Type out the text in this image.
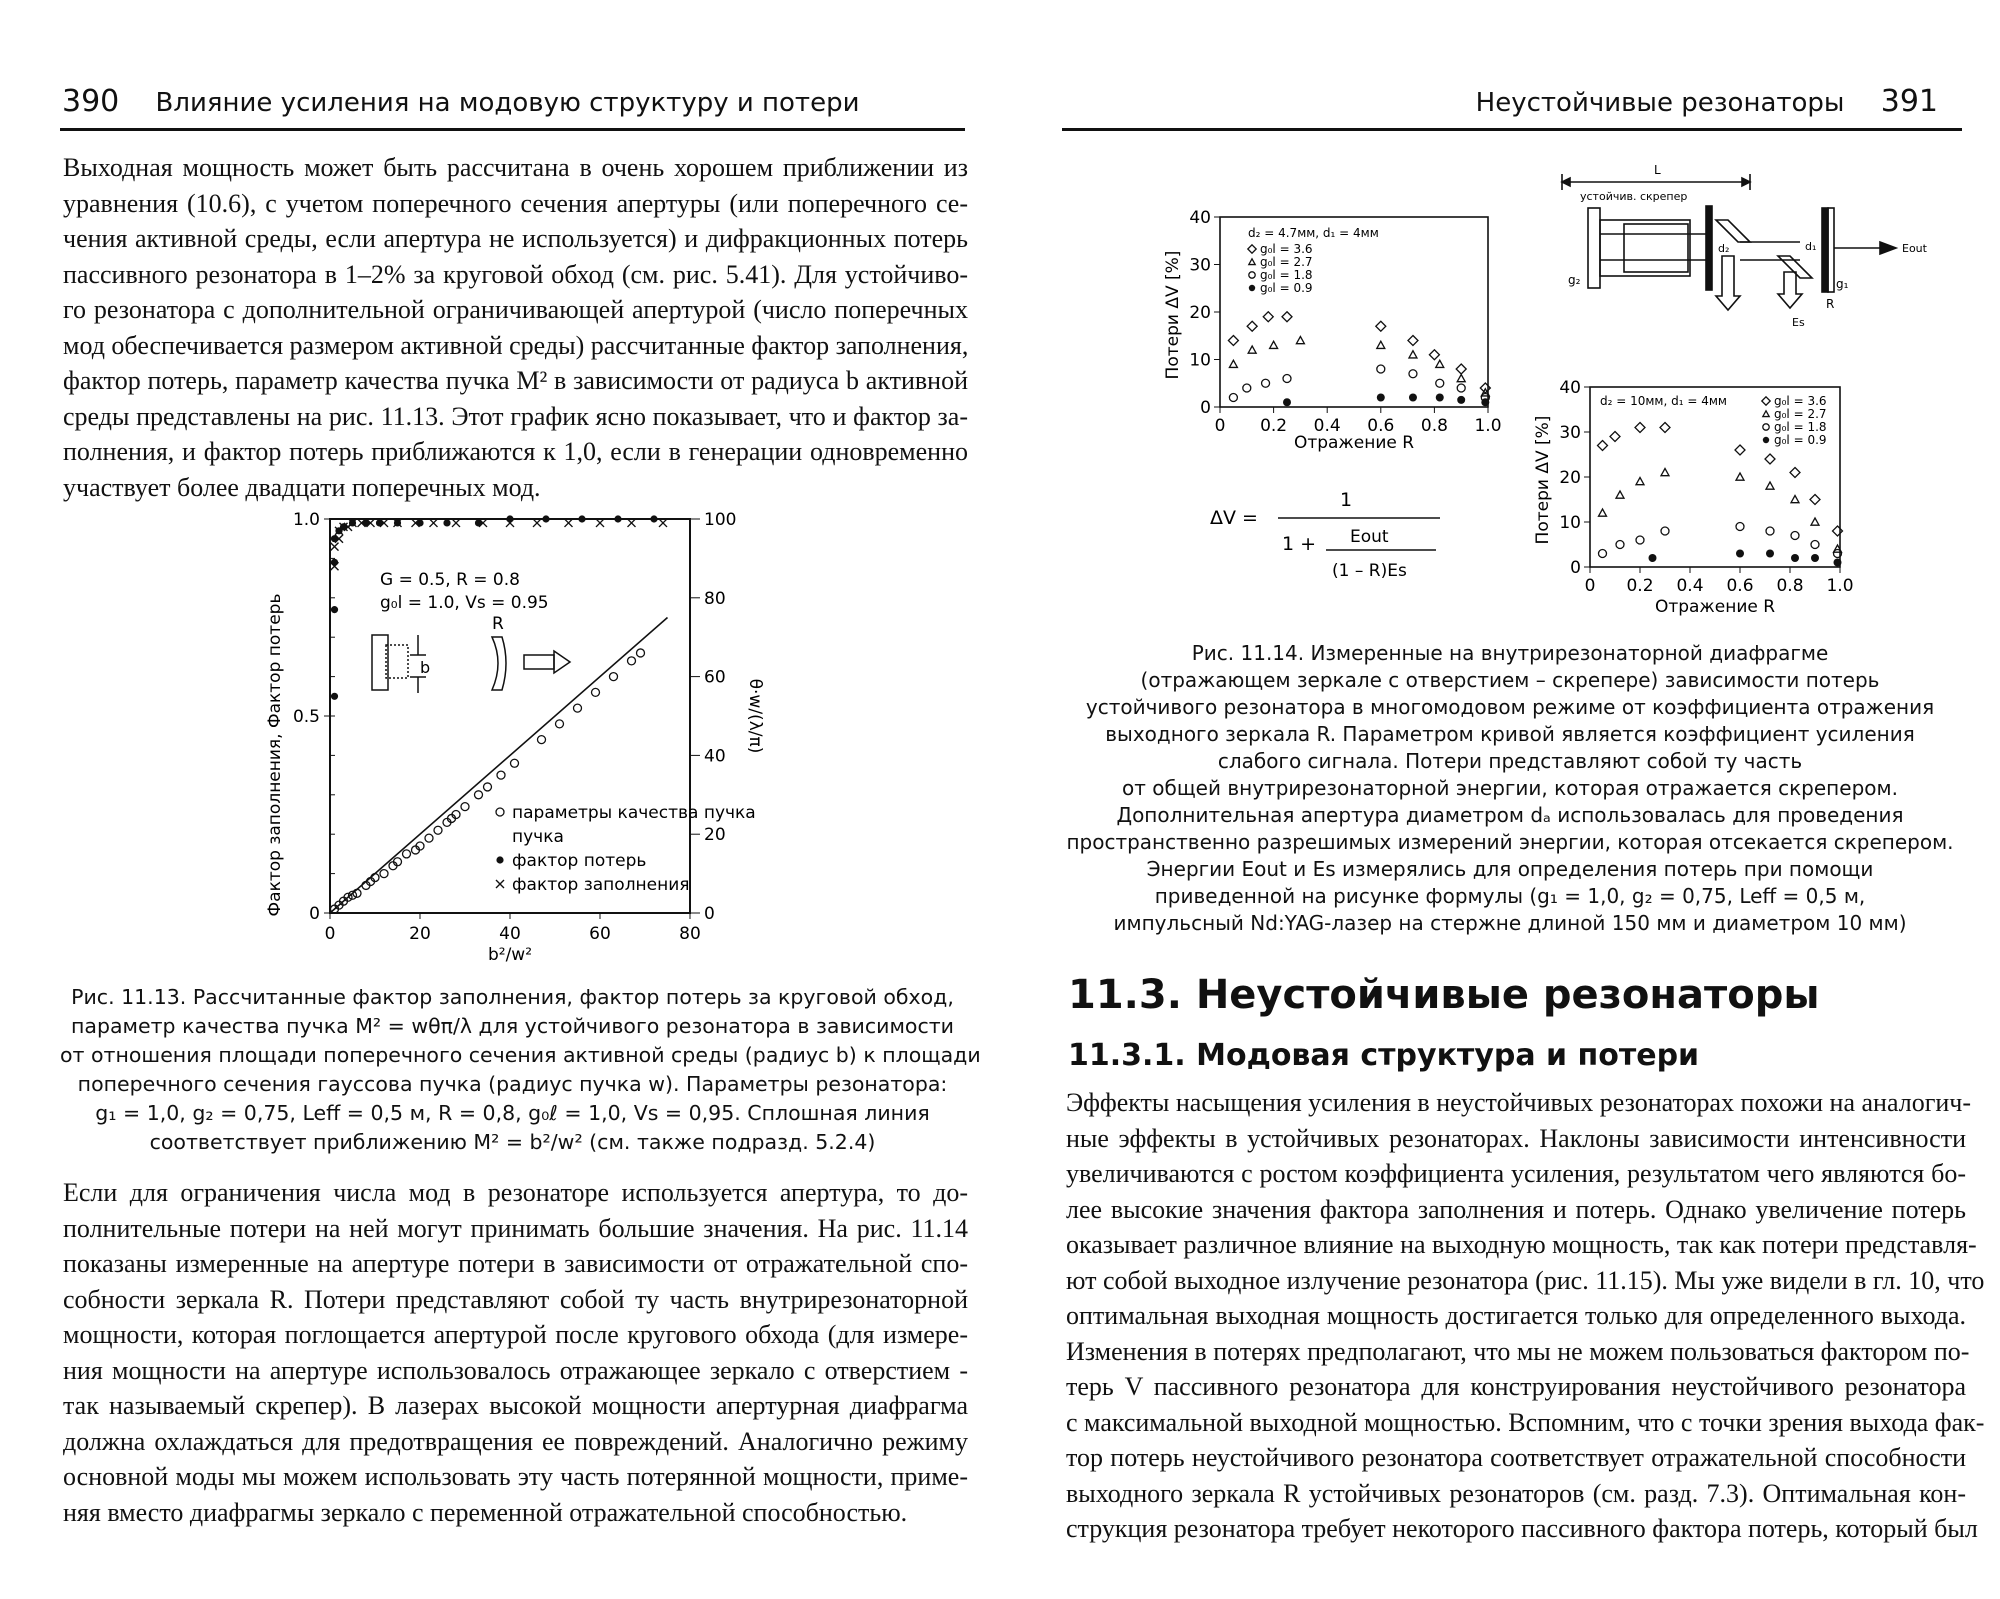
390 Влияние усиления на модовую структуру и потери
Выходная мощность может быть рассчитана в очень хорошем приближении из
уравнения (10.6), с учетом поперечного сечения апертуры (или поперечного се-
чения активной среды, если апертура не используется) и дифракционных потерь
пассивного резонатора в 1–2% за круговой обход (см. рис. 5.41). Для устойчиво-
го резонатора с дополнительной ограничивающей апертурой (число поперечных
мод обеспечивается размером активной среды) рассчитанные фактор заполнения,
фактор потерь, параметр качества пучка M² в зависимости от радиуса b активной
среды представлены на рис. 11.13. Этот график ясно показывает, что и фактор за-
полнения, и фактор потерь приближаются к 1,0, если в генерации одновременно
участвует более двадцати поперечных мод.
0	20	40	60	80
0
0.5
1.0
0
20
40
60
80
100
Фактор заполнения, Фактор потерь	θ·w/(λ/π)
b²/w²
G = 0.5, R = 0.8
g₀l = 1.0, Vs = 0.95
b
R
параметры качества пучка
пучка
фактор потерь
фактор заполнения
Рис. 11.13. Рассчитанные фактор заполнения, фактор потерь за круговой обход,
параметр качества пучка M² = wθπ/λ для устойчивого резонатора в зависимости
от отношения площади поперечного сечения активной среды (радиус b) к площади
поперечного сечения гауссова пучка (радиус пучка w). Параметры резонатора:
g₁ = 1,0, g₂ = 0,75, Leff = 0,5 м, R = 0,8, g₀ℓ = 1,0, Vs = 0,95. Сплошная линия
соответствует приближению M² = b²/w² (см. также подразд. 5.2.4)
Если для ограничения числа мод в резонаторе используется апертура, то до-
полнительные потери на ней могут принимать большие значения. На рис. 11.14
показаны измеренные на апертуре потери в зависимости от отражательной спо-
собности зеркала R. Потери представляют собой ту часть внутрирезонаторной
мощности, которая поглощается апертурой после кругового обхода (для измере-
ния мощности на апертуре использовалось отражающее зеркало с отверстием -
так называемый скрепер). В лазерах высокой мощности апертурная диафрагма
должна охлаждаться для предотвращения ее повреждений. Аналогично режиму
основной моды мы можем использовать эту часть потерянной мощности, приме-
няя вместо диафрагмы зеркало с переменной отражательной способностью.
Неустойчивые резонаторы 391
0 0.2 0.4 0.6 0.8 1.0
0
10
20
30
40
Потери ΔV [%]
Отражение R
d₂ = 4.7мм, d₁ = 4мм
g₀l = 3.6
g₀l = 2.7
g₀l = 1.8
g₀l = 0.9
L
устойчив. скрепер
g₂	g₁
R
Eout
Es
d₁
d₂
ΔV =
1
1 + Eout
(1 – R)Es
0 0.2 0.4 0.6 0.8 1.0
0
10
20
30
40
Потери ΔV [%]
Отражение R
d₂ = 10мм, d₁ = 4мм	g₀l = 3.6
g₀l = 2.7
g₀l = 1.8
g₀l = 0.9
Рис. 11.14. Измеренные на внутрирезонаторной диафрагме
(отражающем зеркале с отверстием – скрепере) зависимости потерь
устойчивого резонатора в многомодовом режиме от коэффициента отражения
выходного зеркала R. Параметром кривой является коэффициент усиления
слабого сигнала. Потери представляют собой ту часть
от общей внутрирезонаторной энергии, которая отражается скрепером.
Дополнительная апертура диаметром dₐ использовалась для проведения
пространственно разрешимых измерений энергии, которая отсекается скрепером.
Энергии Eout и Es измерялись для определения потерь при помощи
приведенной на рисунке формулы (g₁ = 1,0, g₂ = 0,75, Leff = 0,5 м,
импульсный Nd:YAG-лазер на стержне длиной 150 мм и диаметром 10 мм)
11.3. Неустойчивые резонаторы
11.3.1. Модовая структура и потери
Эффекты насыщения усиления в неустойчивых резонаторах похожи на аналогич-
ные эффекты в устойчивых резонаторах. Наклоны зависимости интенсивности
увеличиваются с ростом коэффициента усиления, результатом чего являются бо-
лее высокие значения фактора заполнения и потерь. Однако увеличение потерь
оказывает различное влияние на выходную мощность, так как потери представля-
ют собой выходное излучение резонатора (рис. 11.15). Мы уже видели в гл. 10, что
оптимальная выходная мощность достигается только для определенного выхода.
Изменения в потерях предполагают, что мы не можем пользоваться фактором по-
терь V пассивного резонатора для конструирования неустойчивого резонатора
с максимальной выходной мощностью. Вспомним, что с точки зрения выхода фак-
тор потерь неустойчивого резонатора соответствует отражательной способности
выходного зеркала R устойчивых резонаторов (см. разд. 7.3). Оптимальная кон-
струкция резонатора требует некоторого пассивного фактора потерь, который был
